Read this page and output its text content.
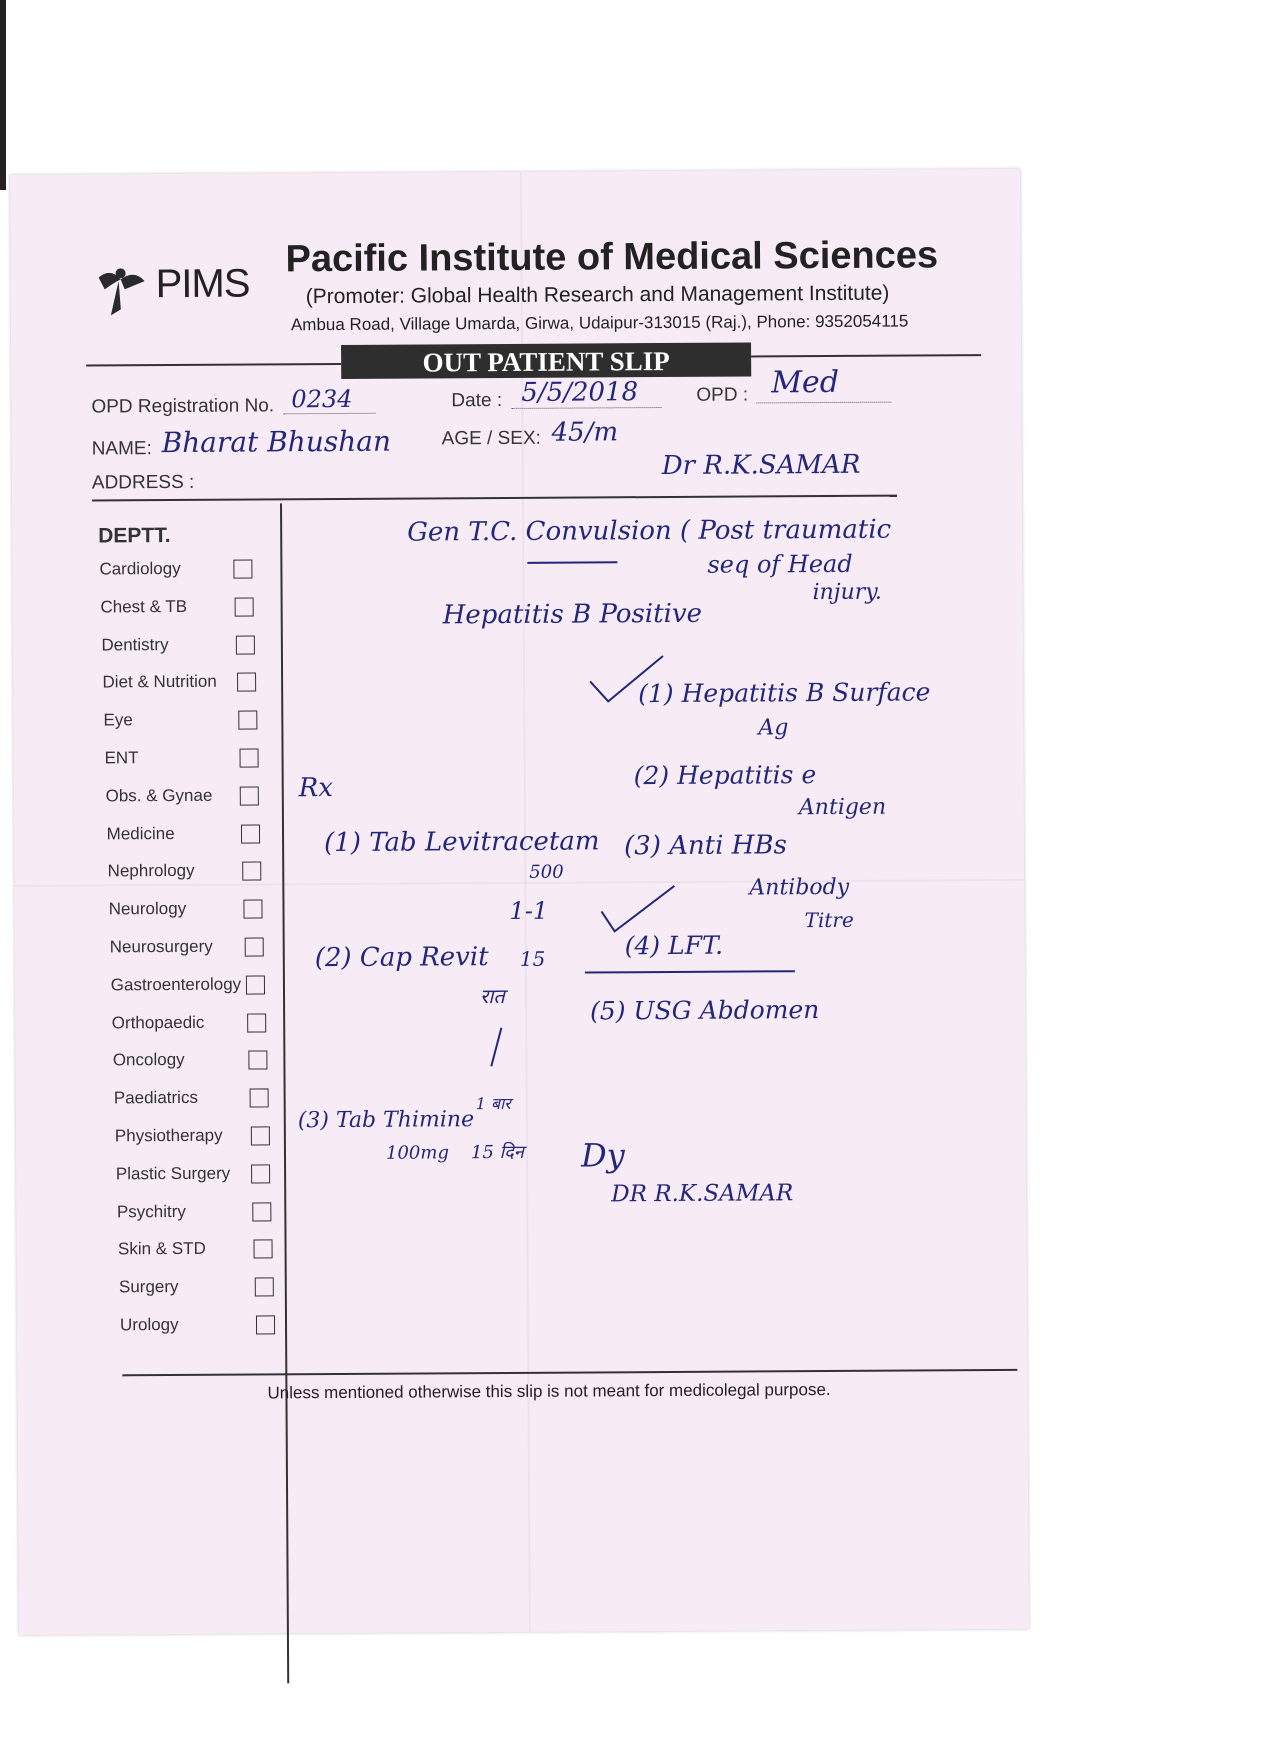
PIMS
Pacific Institute of Medical Sciences
(Promoter: Global Health Research and Management Institute)
Ambua Road, Village Umarda, Girwa, Udaipur-313015 (Raj.), Phone: 9352054115
OUT PATIENT SLIP
OPD Registration No. 0234	Date : 5/5/2018	OPD : Med
NAME: Bharat Bhushan	AGE / SEX: 45/m
ADDRESS :
Dr R.K.SAMAR
DEPTT.
Cardiology
Chest & TB
Dentistry
Diet & Nutrition
Eye
ENT
Obs. & Gynae
Medicine
Nephrology
Neurology
Neurosurgery
Gastroenterology
Orthopaedic
Oncology
Paediatrics
Physiotherapy
Plastic Surgery
Psychitry
Skin & STD
Surgery
Urology
Gen T.C. Convulsion ( Post traumatic
seq of Head
injury.
Hepatitis B Positive
(1) Hepatitis B Surface
Ag
(2) Hepatitis e
Antigen
Rx
(1) Tab Levitracetam
500
1-1
(3) Anti HBs
Antibody
Titre
(4) LFT.
(2) Cap Revit 15
रात	(5) USG Abdomen
1 बार
(3) Tab Thimine
100mg 15 दिन Dy
DR R.K.SAMAR
Unless mentioned otherwise this slip is not meant for medicolegal purpose.
